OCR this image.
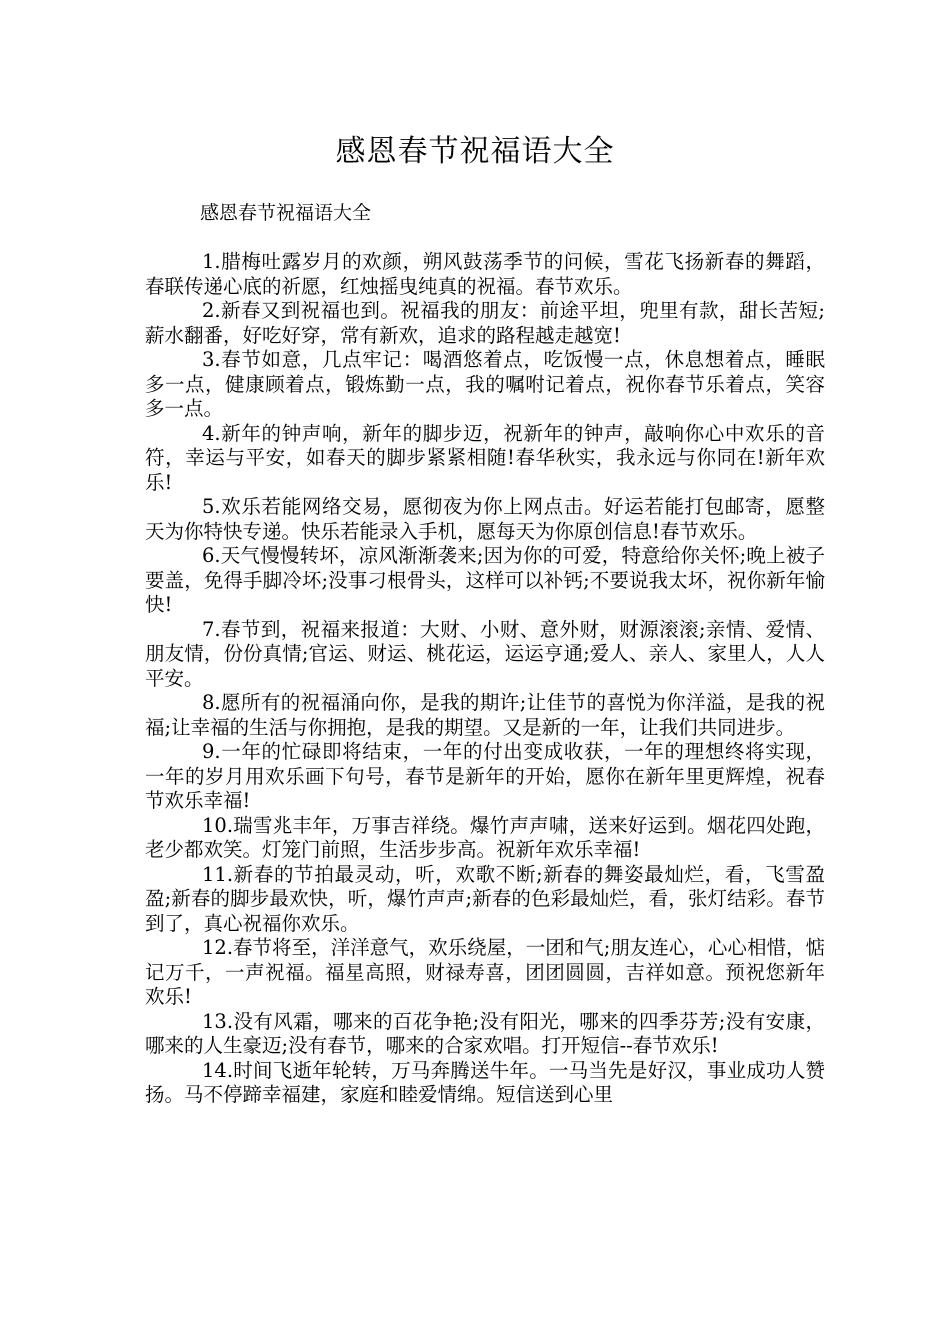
感恩春节祝福语大全

感恩春节祝福语大全

1.腊梅吐露岁月的欢颜，朔风鼓荡季节的问候，雪花飞扬新春的舞蹈，春联传递心底的祈愿，红烛摇曳纯真的祝福。春节欢乐。

2.新春又到祝福也到。祝福我的朋友：前途平坦，兜里有款，甜长苦短;薪水翻番，好吃好穿，常有新欢，追求的路程越走越宽!

3.春节如意，几点牢记：喝酒悠着点，吃饭慢一点，休息想着点，睡眠多一点，健康顾着点，锻炼勤一点，我的嘱咐记着点，祝你春节乐着点，笑容多一点。

4.新年的钟声响，新年的脚步迈，祝新年的钟声，敲响你心中欢乐的音符，幸运与平安，如春天的脚步紧紧相随!春华秋实，我永远与你同在!新年欢乐!

5.欢乐若能网络交易，愿彻夜为你上网点击。好运若能打包邮寄，愿整天为你特快专递。快乐若能录入手机，愿每天为你原创信息!春节欢乐。

6.天气慢慢转坏，凉风渐渐袭来;因为你的可爱，特意给你关怀;晚上被子要盖，免得手脚冷坏;没事刁根骨头，这样可以补钙;不要说我太坏，祝你新年愉快!

7.春节到，祝福来报道：大财、小财、意外财，财源滚滚;亲情、爱情、朋友情，份份真情;官运、财运、桃花运，运运亨通;爱人、亲人、家里人，人人平安。

8.愿所有的祝福涌向你，是我的期许;让佳节的喜悦为你洋溢，是我的祝福;让幸福的生活与你拥抱，是我的期望。又是新的一年，让我们共同进步。

9.一年的忙碌即将结束，一年的付出变成收获，一年的理想终将实现，一年的岁月用欢乐画下句号，春节是新年的开始，愿你在新年里更辉煌，祝春节欢乐幸福!

10.瑞雪兆丰年，万事吉祥绕。爆竹声声啸，送来好运到。烟花四处跑，老少都欢笑。灯笼门前照，生活步步高。祝新年欢乐幸福!

11.新春的节拍最灵动，听，欢歌不断;新春的舞姿最灿烂，看，飞雪盈盈;新春的脚步最欢快，听，爆竹声声;新春的色彩最灿烂，看，张灯结彩。春节到了，真心祝福你欢乐。

12.春节将至，洋洋意气，欢乐绕屋，一团和气;朋友连心，心心相惜，惦记万千，一声祝福。福星高照，财禄寿喜，团团圆圆，吉祥如意。预祝您新年欢乐!

13.没有风霜，哪来的百花争艳;没有阳光，哪来的四季芬芳;没有安康，哪来的人生豪迈;没有春节，哪来的合家欢唱。打开短信--春节欢乐!

14.时间飞逝年轮转，万马奔腾送牛年。一马当先是好汉，事业成功人赞扬。马不停蹄幸福建，家庭和睦爱情绵。短信送到心里
